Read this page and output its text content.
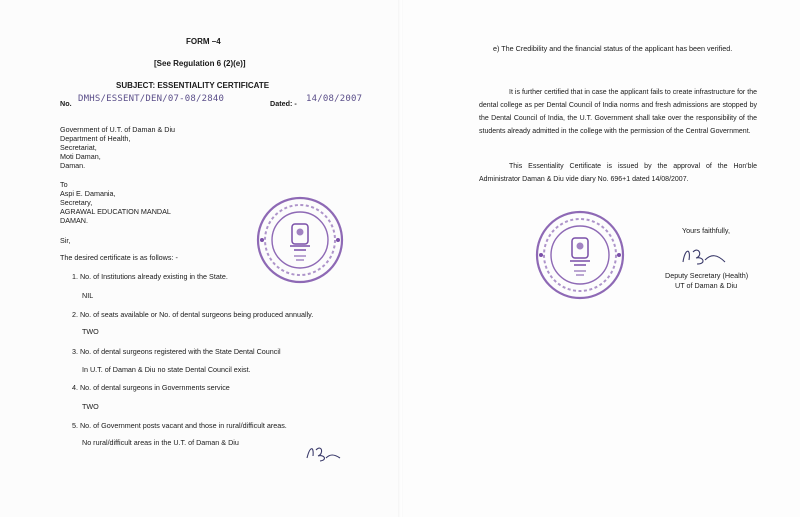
FORM –4
[See Regulation 6 (2)(e)]
SUBJECT: ESSENTIALITY CERTIFICATE
No. DMHS/ESSENT/DEN/07-08/2840	Dated: - 14/08/2007
Government of U.T. of Daman & Diu
Department of Health,
Secretariat,
Moti Daman,
Daman.
To
Aspi E. Damania,
Secretary,
AGRAWAL EDUCATION MANDAL
DAMAN.
Sir,
The desired certificate is as follows: -
1. No. of Institutions already existing in the State.
NIL
2. No. of seats available or No. of dental surgeons being produced annually.
TWO
3. No. of dental surgeons registered with the State Dental Council
In U.T. of Daman & Diu no state Dental Council exist.
4. No. of dental surgeons in Governments service
TWO
5. No. of Government posts vacant and those in rural/difficult areas.
No rural/difficult areas in the U.T. of Daman & Diu
e) The Credibility and the financial status of the applicant has been verified.
It is further certified that in case the applicant fails to create infrastructure for the dental college as per Dental Council of India norms and fresh admissions are stopped by the Dental Council of India, the U.T. Government shall take over the responsibility of the students already admitted in the college with the permission of the Central Government.
This Essentiality Certificate is issued by the approval of the Hon'ble Administrator Daman & Diu vide diary No. 696+1 dated 14/08/2007.
Yours faithfully,
Deputy Secretary (Health)
UT of Daman & Diu
